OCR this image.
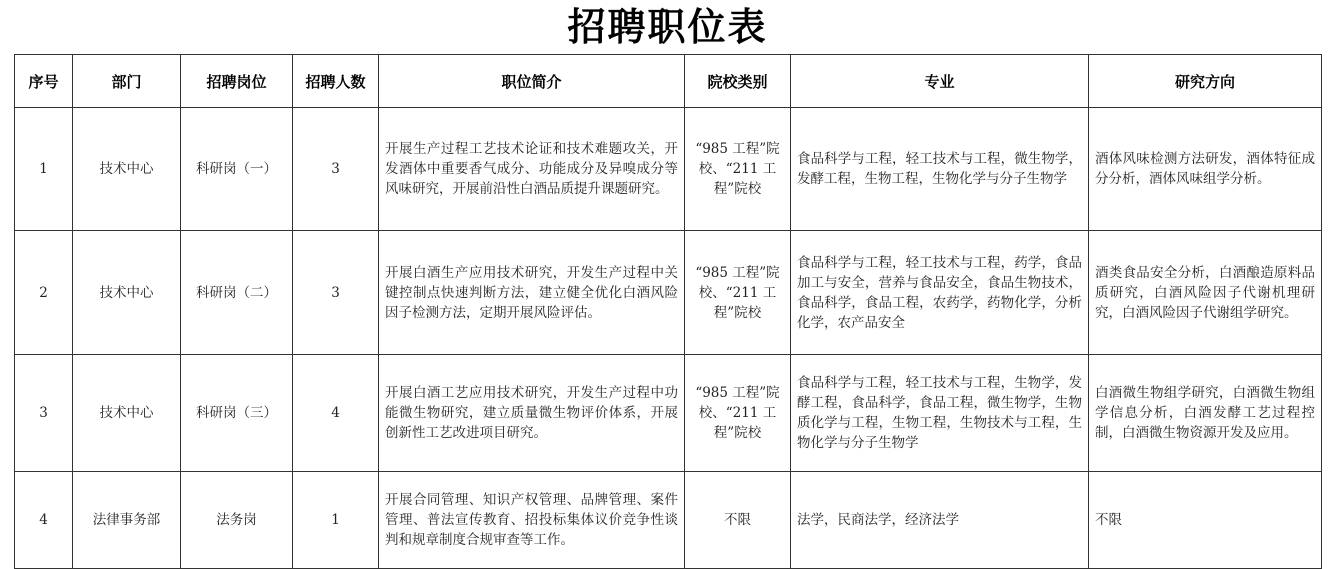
招聘职位表
序号	部门	招聘岗位	招聘人数	职位简介	院校类别	专业	研究方向
1	技术中心	科研岗（一）	3	开展生产过程工艺技术论证和技术难题攻关，开发酒体中重要香气成分、功能成分及异嗅成分等风味研究，开展前沿性白酒品质提升课题研究。	“985 工程”院校、“211 工程”院校	食品科学与工程，轻工技术与工程，微生物学，发酵工程，生物工程，生物化学与分子生物学	酒体风味检测方法研发，酒体特征成分分析，酒体风味组学分析。
2	技术中心	科研岗（二）	3	开展白酒生产应用技术研究，开发生产过程中关键控制点快速判断方法，建立健全优化白酒风险因子检测方法，定期开展风险评估。	“985 工程”院校、“211 工程”院校	食品科学与工程，轻工技术与工程，药学，食品加工与安全，营养与食品安全，食品生物技术，食品科学，食品工程，农药学，药物化学，分析化学，农产品安全	酒类食品安全分析，白酒酿造原料品质研究，白酒风险因子代谢机理研究，白酒风险因子代谢组学研究。
3	技术中心	科研岗（三）	4	开展白酒工艺应用技术研究，开发生产过程中功能微生物研究，建立质量微生物评价体系，开展创新性工艺改进项目研究。	“985 工程”院校、“211 工程”院校	食品科学与工程，轻工技术与工程，生物学，发酵工程，食品科学，食品工程，微生物学，生物质化学与工程，生物工程，生物技术与工程，生物化学与分子生物学	白酒微生物组学研究，白酒微生物组学信息分析，白酒发酵工艺过程控制，白酒微生物资源开发及应用。
4	法律事务部	法务岗	1	开展合同管理、知识产权管理、品牌管理、案件管理、普法宣传教育、招投标集体议价竞争性谈判和规章制度合规审查等工作。	不限	法学，民商法学，经济法学	不限
